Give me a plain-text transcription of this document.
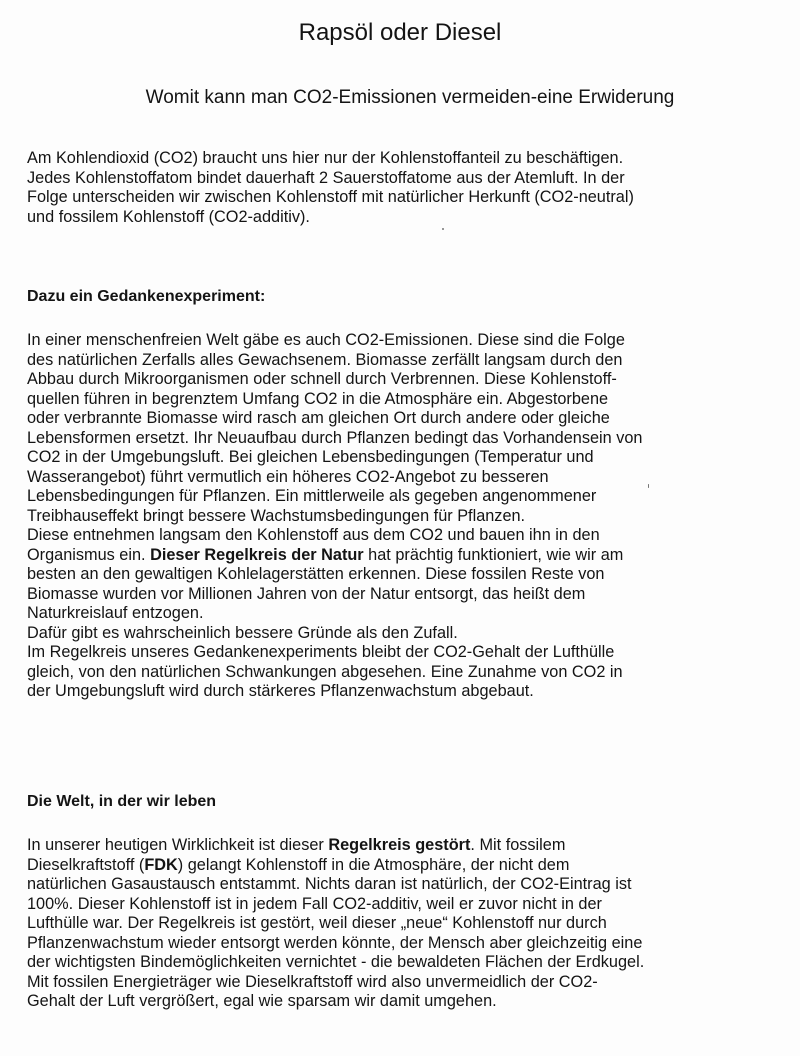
Rapsöl oder Diesel
Womit kann man CO2-Emissionen vermeiden-eine Erwiderung

Am Kohlendioxid (CO2) braucht uns hier nur der Kohlenstoffanteil zu beschäftigen.

Jedes Kohlenstoffatom bindet dauerhaft 2 Sauerstoffatome aus der Atemluft. In der

Folge unterscheiden wir zwischen Kohlenstoff mit natürlicher Herkunft (CO2-neutral)

und fossilem Kohlenstoff (CO2-additiv).

Dazu ein Gedankenexperiment:

In einer menschenfreien Welt gäbe es auch CO2-Emissionen. Diese sind die Folge

des natürlichen Zerfalls alles Gewachsenem. Biomasse zerfällt langsam durch den

Abbau durch Mikroorganismen oder schnell durch Verbrennen. Diese Kohlenstoff-

quellen führen in begrenztem Umfang CO2 in die Atmosphäre ein. Abgestorbene

oder verbrannte Biomasse wird rasch am gleichen Ort durch andere oder gleiche

Lebensformen ersetzt. Ihr Neuaufbau durch Pflanzen bedingt das Vorhandensein von

CO2 in der Umgebungsluft. Bei gleichen Lebensbedingungen (Temperatur und

Wasserangebot) führt vermutlich ein höheres CO2-Angebot zu besseren

Lebensbedingungen für Pflanzen. Ein mittlerweile als gegeben angenommener

Treibhauseffekt bringt bessere Wachstumsbedingungen für Pflanzen.

Diese entnehmen langsam den Kohlenstoff aus dem CO2 und bauen ihn in den

Organismus ein. Dieser Regelkreis der Natur hat prächtig funktioniert, wie wir am

besten an den gewaltigen Kohlelagerstätten erkennen. Diese fossilen Reste von

Biomasse wurden vor Millionen Jahren von der Natur entsorgt, das heißt dem

Naturkreislauf entzogen.

Dafür gibt es wahrscheinlich bessere Gründe als den Zufall.

Im Regelkreis unseres Gedankenexperiments bleibt der CO2-Gehalt der Lufthülle

gleich, von den natürlichen Schwankungen abgesehen. Eine Zunahme von CO2 in

der Umgebungsluft wird durch stärkeres Pflanzenwachstum abgebaut.

Die Welt, in der wir leben

In unserer heutigen Wirklichkeit ist dieser Regelkreis gestört. Mit fossilem

Dieselkraftstoff (FDK) gelangt Kohlenstoff in die Atmosphäre, der nicht dem

natürlichen Gasaustausch entstammt. Nichts daran ist natürlich, der CO2-Eintrag ist

100%. Dieser Kohlenstoff ist in jedem Fall CO2-additiv, weil er zuvor nicht in der

Lufthülle war. Der Regelkreis ist gestört, weil dieser „neue“ Kohlenstoff nur durch

Pflanzenwachstum wieder entsorgt werden könnte, der Mensch aber gleichzeitig eine

der wichtigsten Bindemöglichkeiten vernichtet - die bewaldeten Flächen der Erdkugel.

Mit fossilen Energieträger wie Dieselkraftstoff wird also unvermeidlich der CO2-

Gehalt der Luft vergrößert, egal wie sparsam wir damit umgehen.
